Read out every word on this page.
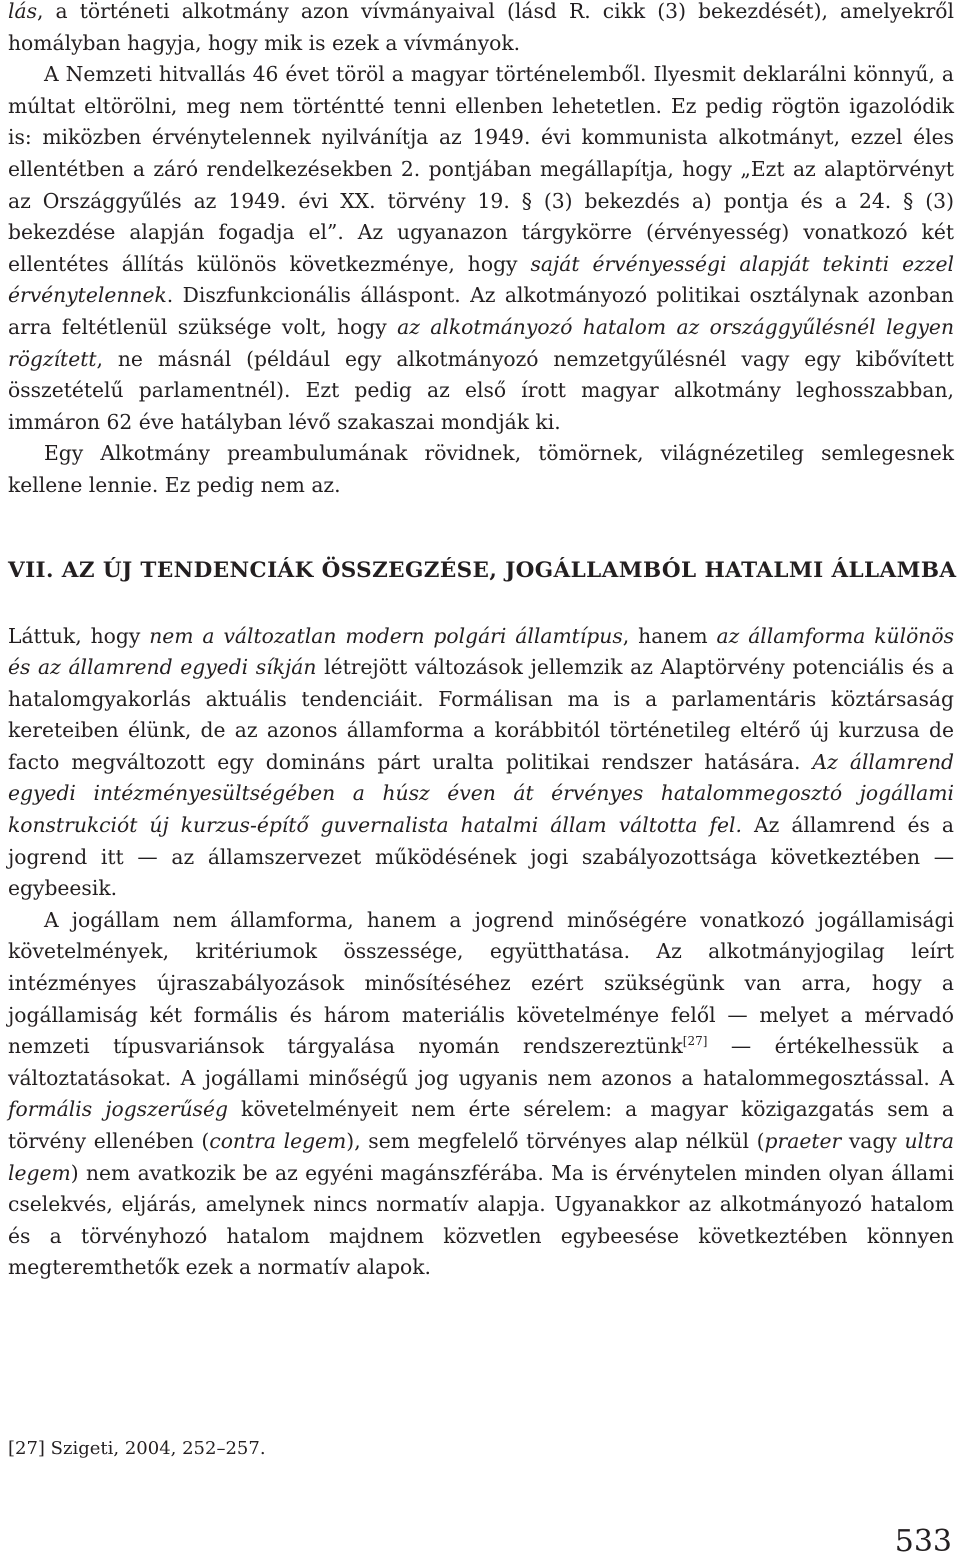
lás, a történeti alkotmány azon vívmányaival (lásd R. cikk (3) bekezdését), amelyekről homályban hagyja, hogy mik is ezek a vívmányok.

A Nemzeti hitvallás 46 évet töröl a magyar történelemből. Ilyesmit deklarálni könnyű, a múltat eltörölni, meg nem történtté tenni ellenben lehetetlen. Ez pedig rögtön igazolódik is: miközben érvénytelennek nyilvánítja az 1949. évi kommunista alkotmányt, ezzel éles ellentétben a záró rendelkezésekben 2. pontjában megállapítja, hogy „Ezt az alaptörvényt az Országgyűlés az 1949. évi XX. törvény 19. § (3) bekezdés a) pontja és a 24. § (3) bekezdése alapján fogadja el”. Az ugyanazon tárgykörre (érvényesség) vonatkozó két ellentétes állítás különös következménye, hogy saját érvényességi alapját tekinti ezzel érvénytelennek. Diszfunkcionális álláspont. Az alkotmányozó politikai osztálynak azonban arra feltétlenül szüksége volt, hogy az alkotmányozó hatalom az országgyűlésnél legyen rögzített, ne másnál (például egy alkotmányozó nemzetgyűlésnél vagy egy kibővített összetételű parlamentnél). Ezt pedig az első írott magyar alkotmány leghosszabban, immáron 62 éve hatályban lévő szakaszai mondják ki.

Egy Alkotmány preambulumának rövidnek, tömörnek, világnézetileg semlegesnek kellene lennie. Ez pedig nem az.

VII. AZ ÚJ TENDENCIÁK ÖSSZEGZÉSE, JOGÁLLAMBÓL HATALMI ÁLLAMBA

Láttuk, hogy nem a változatlan modern polgári államtípus, hanem az államforma különös és az államrend egyedi síkján létrejött változások jellemzik az Alaptörvény potenciális és a hatalomgyakorlás aktuális tendenciáit. Formálisan ma is a parlamentáris köztársaság kereteiben élünk, de az azonos államforma a korábbitól történetileg eltérő új kurzusa de facto megváltozott egy domináns párt uralta politikai rendszer hatására. Az államrend egyedi intézményesültségében a húsz éven át érvényes hatalommegosztó jogállami konstrukciót új kurzus-építő guvernalista hatalmi állam váltotta fel. Az államrend és a jogrend itt — az államszervezet működésének jogi szabályozottsága következtében — egybeesik.

A jogállam nem államforma, hanem a jogrend minőségére vonatkozó jogállamisági követelmények, kritériumok összessége, együtthatása. Az alkotmányjogilag leírt intézményes újraszabályozások minősítéséhez ezért szükségünk van arra, hogy a jogállamiság két formális és három materiális követelménye felől — melyet a mérvadó nemzeti típusvariánsok tárgyalása nyomán rendszereztünk[27] — értékelhessük a változtatásokat. A jogállami minőségű jog ugyanis nem azonos a hatalommegosztással. A formális jogszerűség követelményeit nem érte sérelem: a magyar közigazgatás sem a törvény ellenében (contra legem), sem megfelelő törvényes alap nélkül (praeter vagy ultra legem) nem avatkozik be az egyéni magánszférába. Ma is érvénytelen minden olyan állami cselekvés, eljárás, amelynek nincs normatív alapja. Ugyanakkor az alkotmányozó hatalom és a törvényhozó hatalom majdnem közvetlen egybeesése következtében könnyen megteremthetők ezek a normatív alapok.

[27] Szigeti, 2004, 252–257.

533
